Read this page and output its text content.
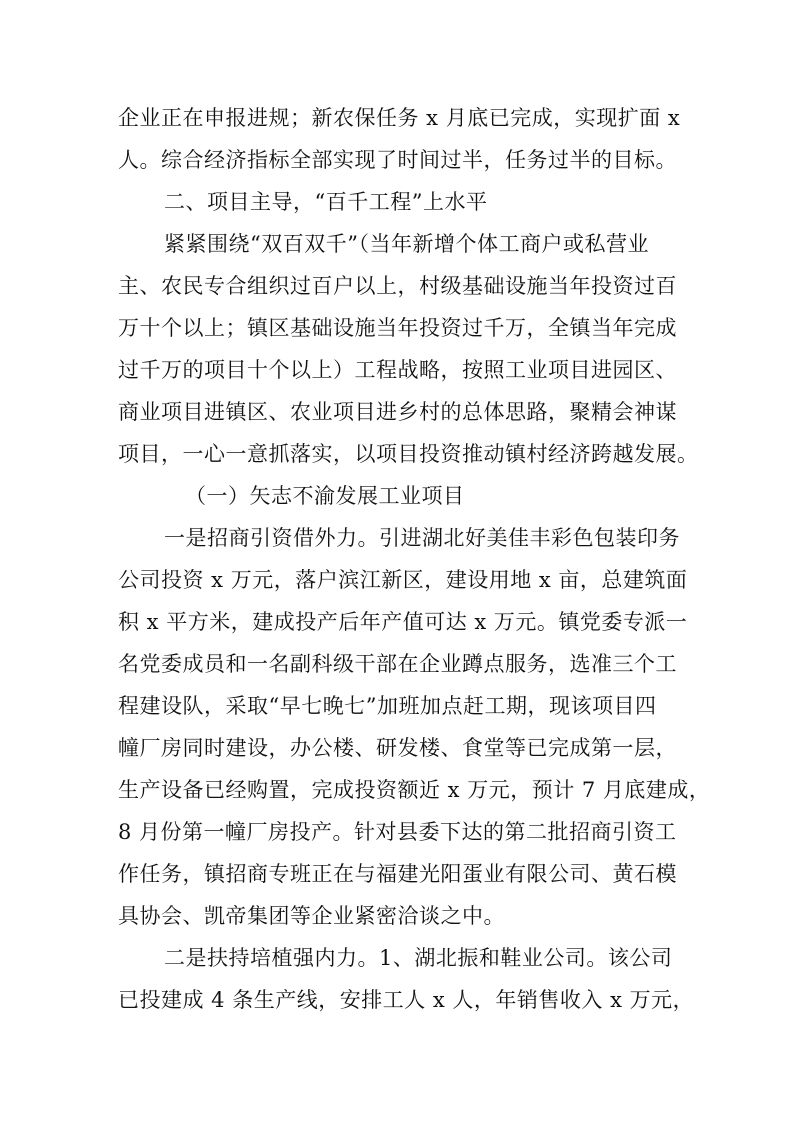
企业正在申报进规；新农保任务 x 月底已完成，实现扩面 x
人。综合经济指标全部实现了时间过半，任务过半的目标。
二、项目主导，“百千工程”上水平
紧紧围绕“双百双千”（当年新增个体工商户或私营业
主、农民专合组织过百户以上，村级基础设施当年投资过百
万十个以上；镇区基础设施当年投资过千万，全镇当年完成
过千万的项目十个以上）工程战略，按照工业项目进园区、
商业项目进镇区、农业项目进乡村的总体思路，聚精会神谋
项目，一心一意抓落实，以项目投资推动镇村经济跨越发展。
（一）矢志不渝发展工业项目
一是招商引资借外力。引进湖北好美佳丰彩色包装印务
公司投资 x 万元，落户滨江新区，建设用地 x 亩，总建筑面
积 x 平方米，建成投产后年产值可达 x 万元。镇党委专派一
名党委成员和一名副科级干部在企业蹲点服务，选准三个工
程建设队，采取“早七晚七”加班加点赶工期，现该项目四
幢厂房同时建设，办公楼、研发楼、食堂等已完成第一层，
生产设备已经购置，完成投资额近 x 万元，预计 7 月底建成，
8 月份第一幢厂房投产。针对县委下达的第二批招商引资工
作任务，镇招商专班正在与福建光阳蛋业有限公司、黄石模
具协会、凯帝集团等企业紧密洽谈之中。
二是扶持培植强内力。1、湖北振和鞋业公司。该公司
已投建成 4 条生产线，安排工人 x 人，年销售收入 x 万元，
